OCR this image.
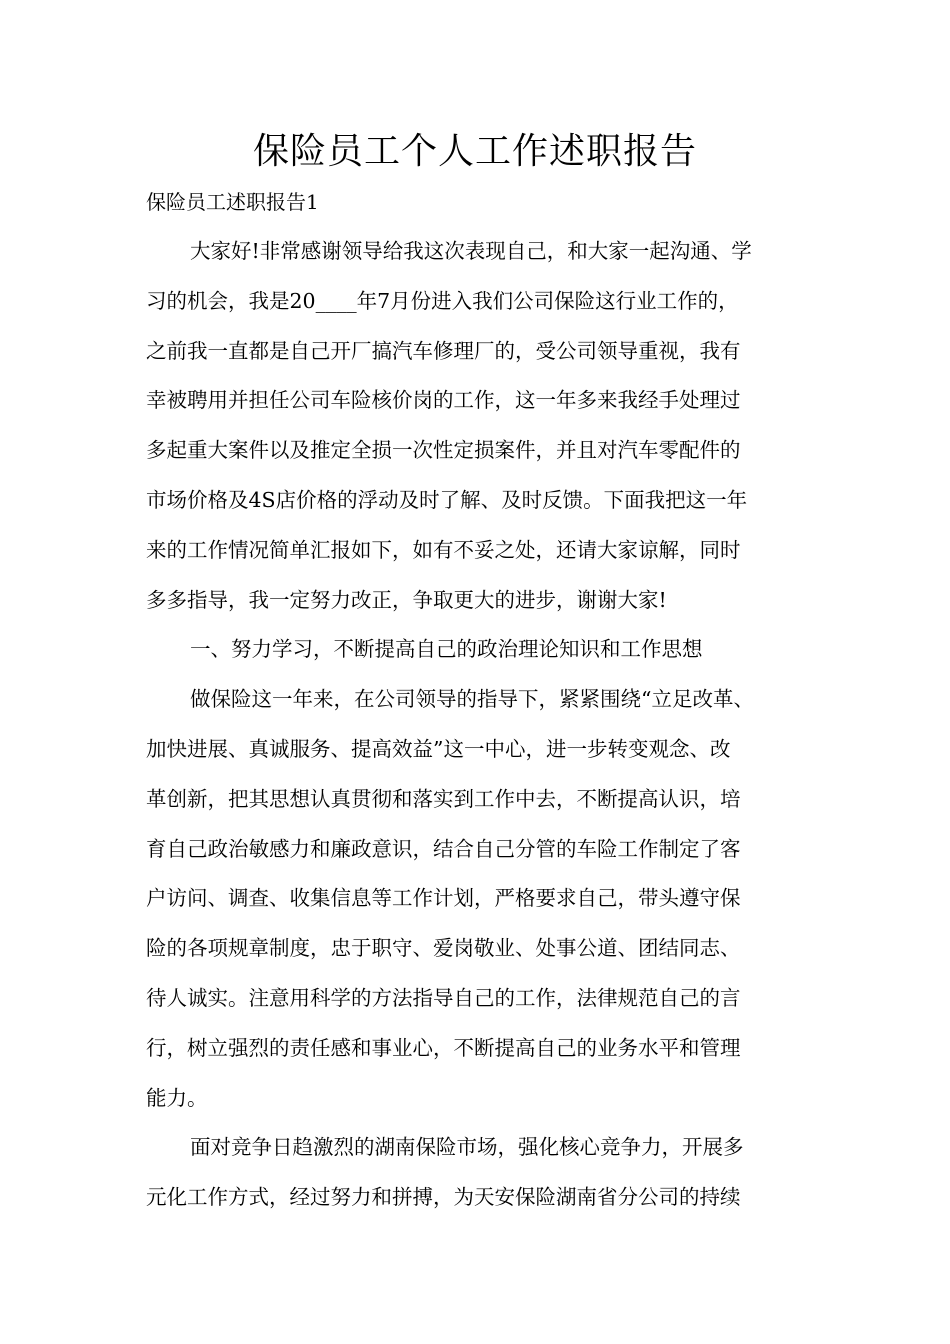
保险员工个人工作述职报告
保险员工述职报告1
大家好!非常感谢领导给我这次表现自己，和大家一起沟通、学
习的机会，我是20____年7月份进入我们公司保险这行业工作的，
之前我一直都是自己开厂搞汽车修理厂的，受公司领导重视，我有
幸被聘用并担任公司车险核价岗的工作，这一年多来我经手处理过
多起重大案件以及推定全损一次性定损案件，并且对汽车零配件的
市场价格及4S店价格的浮动及时了解、及时反馈。下面我把这一年
来的工作情况简单汇报如下，如有不妥之处，还请大家谅解，同时
多多指导，我一定努力改正，争取更大的进步，谢谢大家!
一、努力学习，不断提高自己的政治理论知识和工作思想
做保险这一年来，在公司领导的指导下，紧紧围绕“立足改革、
加快进展、真诚服务、提高效益”这一中心，进一步转变观念、改
革创新，把其思想认真贯彻和落实到工作中去，不断提高认识，培
育自己政治敏感力和廉政意识，结合自己分管的车险工作制定了客
户访问、调查、收集信息等工作计划，严格要求自己，带头遵守保
险的各项规章制度，忠于职守、爱岗敬业、处事公道、团结同志、
待人诚实。注意用科学的方法指导自己的工作，法律规范自己的言
行，树立强烈的责任感和事业心，不断提高自己的业务水平和管理
能力。
面对竞争日趋激烈的湖南保险市场，强化核心竞争力，开展多
元化工作方式，经过努力和拼搏，为天安保险湖南省分公司的持续
